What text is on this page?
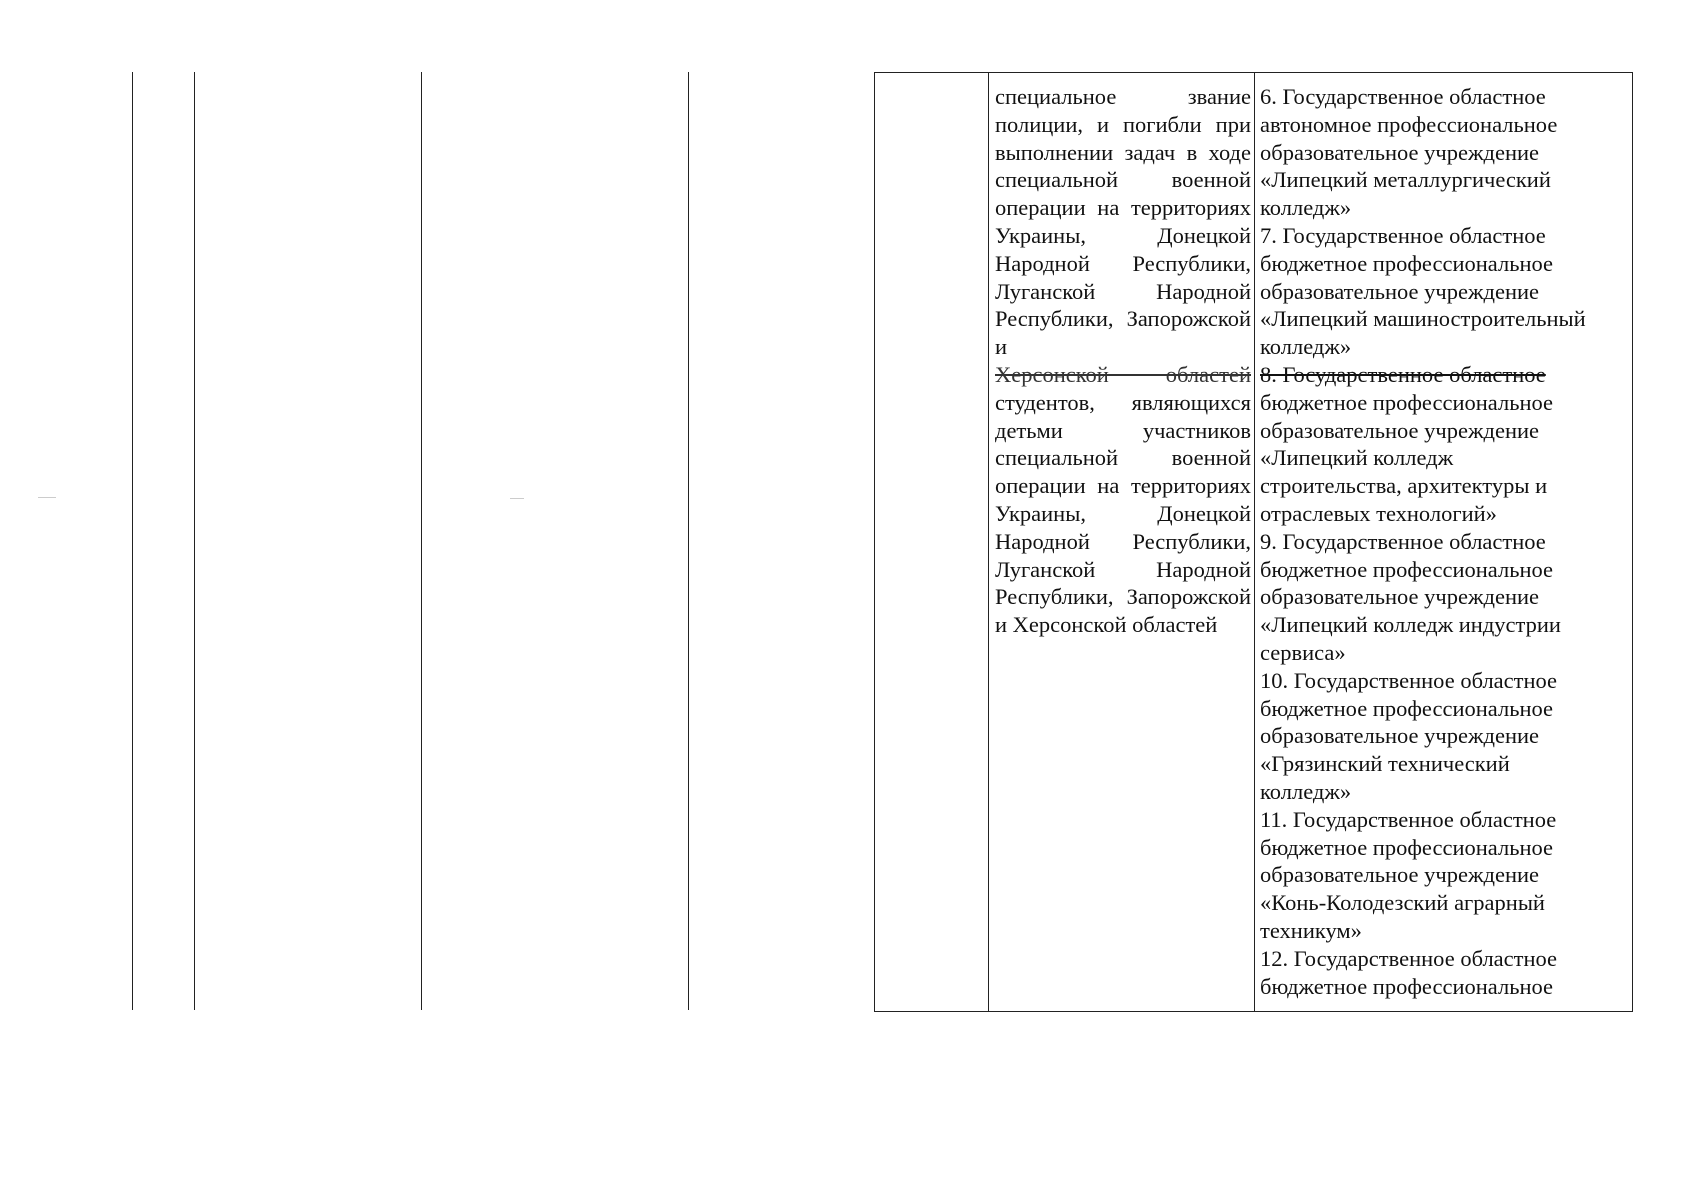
специальное звание полиции, и погибли при выполнении задач в ходе специальной военной операции на территориях Украины, Донецкой Народной Республики, Луганской Народной Республики, Запорожской и
Херсонской областей
студентов, являющихся детьми участников специальной военной операции на территориях Украины, Донецкой Народной Республики, Луганской Народной Республики, Запорожской и Херсонской областей
6. Государственное областное
автономное профессиональное
образовательное учреждение
«Липецкий металлургический
колледж»
7. Государственное областное
бюджетное профессиональное
образовательное учреждение
«Липецкий машиностроительный
колледж»
8. Государственное областное
бюджетное профессиональное
образовательное учреждение
«Липецкий колледж
строительства, архитектуры и
отраслевых технологий»
9. Государственное областное
бюджетное профессиональное
образовательное учреждение
«Липецкий колледж индустрии
сервиса»
10. Государственное областное
бюджетное профессиональное
образовательное учреждение
«Грязинский технический
колледж»
11. Государственное областное
бюджетное профессиональное
образовательное учреждение
«Конь-Колодезский аграрный
техникум»
12. Государственное областное
бюджетное профессиональное
